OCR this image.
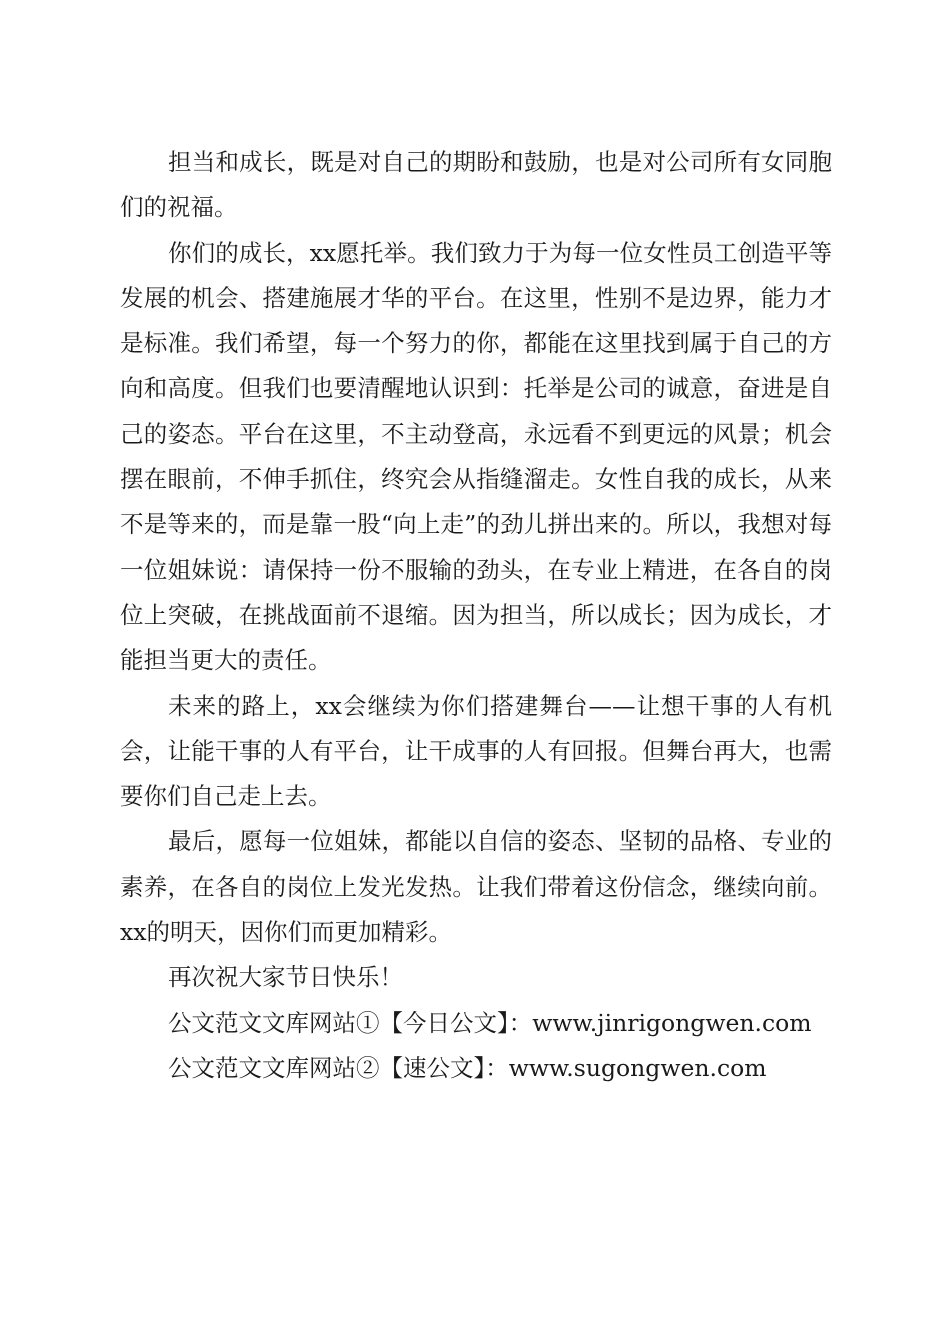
担当和成长，既是对自己的期盼和鼓励，也是对公司所有女同胞们的祝福。

你们的成长，xx愿托举。我们致力于为每一位女性员工创造平等发展的机会、搭建施展才华的平台。在这里，性别不是边界，能力才是标准。我们希望，每一个努力的你，都能在这里找到属于自己的方向和高度。但我们也要清醒地认识到：托举是公司的诚意，奋进是自己的姿态。平台在这里，不主动登高，永远看不到更远的风景；机会摆在眼前，不伸手抓住，终究会从指缝溜走。女性自我的成长，从来不是等来的，而是靠一股“向上走”的劲儿拼出来的。所以，我想对每一位姐妹说：请保持一份不服输的劲头，在专业上精进，在各自的岗位上突破，在挑战面前不退缩。因为担当，所以成长；因为成长，才能担当更大的责任。

未来的路上，xx会继续为你们搭建舞台——让想干事的人有机会，让能干事的人有平台，让干成事的人有回报。但舞台再大，也需要你们自己走上去。

最后，愿每一位姐妹，都能以自信的姿态、坚韧的品格、专业的素养，在各自的岗位上发光发热。让我们带着这份信念，继续向前。xx的明天，因你们而更加精彩。

再次祝大家节日快乐！

公文范文文库网站①【今日公文】：www.jinrigongwen.com

公文范文文库网站②【速公文】：www.sugongwen.com
